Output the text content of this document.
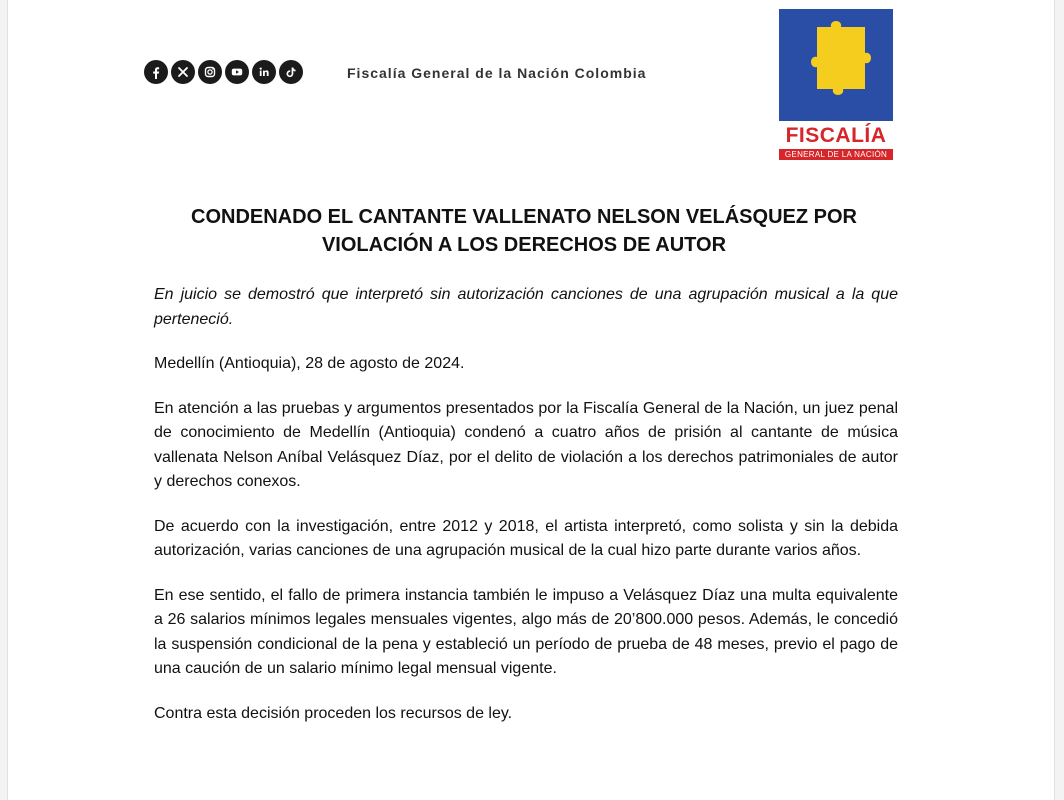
Fiscalía General de la Nación Colombia
FISCALÍA
GENERAL DE LA NACIÓN
CONDENADO EL CANTANTE VALLENATO NELSON VELÁSQUEZ POR
VIOLACIÓN A LOS DERECHOS DE AUTOR

En juicio se demostró que interpretó sin autorización canciones de una agrupación musical a la que perteneció.

Medellín (Antioquia), 28 de agosto de 2024.

En atención a las pruebas y argumentos presentados por la Fiscalía General de la Nación, un juez penal de conocimiento de Medellín (Antioquia) condenó a cuatro años de prisión al cantante de música vallenata Nelson Aníbal Velásquez Díaz, por el delito de violación a los derechos patrimoniales de autor y derechos conexos.

De acuerdo con la investigación, entre 2012 y 2018, el artista interpretó, como solista y sin la debida autorización, varias canciones de una agrupación musical de la cual hizo parte durante varios años.

En ese sentido, el fallo de primera instancia también le impuso a Velásquez Díaz una multa equivalente a 26 salarios mínimos legales mensuales vigentes, algo más de 20’800.000 pesos. Además, le concedió la suspensión condicional de la pena y estableció un período de prueba de 48 meses, previo el pago de una caución de un salario mínimo legal mensual vigente.

Contra esta decisión proceden los recursos de ley.
